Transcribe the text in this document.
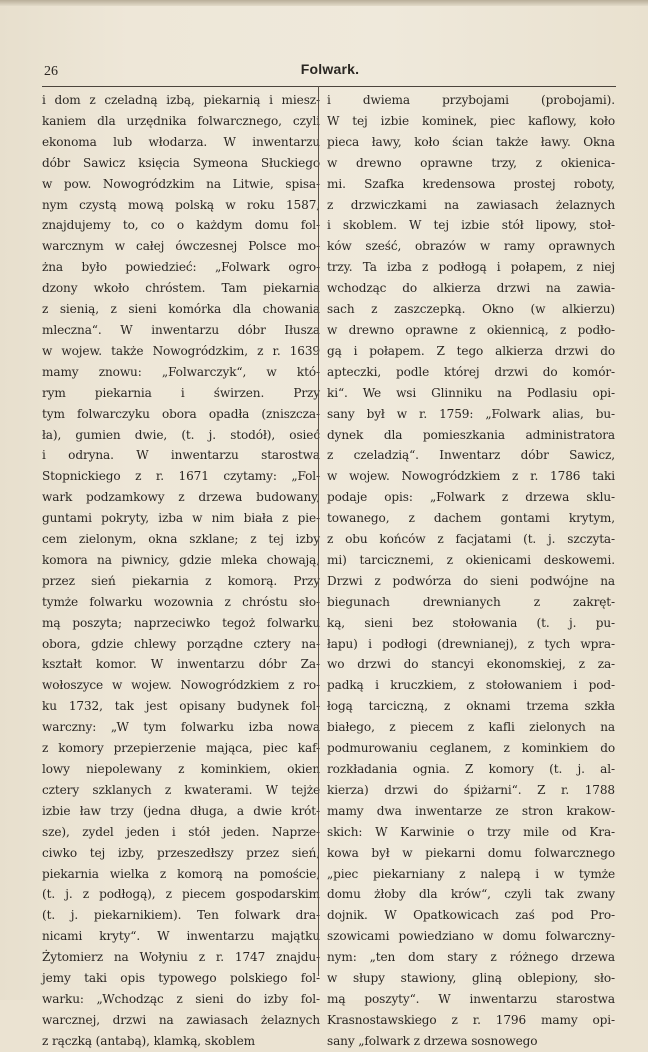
26	Folwark.
i dom z czeladną izbą, piekarnią i miesz-
kaniem dla urzędnika folwarcznego, czyli
ekonoma lub włodarza. W inwentarzu
dóbr Sawicz księcia Symeona Słuckiego
w pow. Nowogródzkim na Litwie, spisa-
nym czystą mową polską w roku 1587,
znajdujemy to, co o każdym domu fol-
warcznym w całej ówczesnej Polsce mo-
żna było powiedzieć: „Folwark ogro-
dzony wkoło chróstem. Tam piekarnia
z sienią, z sieni komórka dla chowania
mleczna“. W inwentarzu dóbr Iłusza
w wojew. także Nowogródzkim, z r. 1639
mamy znowu: „Folwarczyk“, w któ-
rym piekarnia i świrzen. Przy
tym folwarczyku obora opadła (zniszcza-
ła), gumien dwie, (t. j. stodół), osieć
i odryna. W inwentarzu starostwa
Stopnickiego z r. 1671 czytamy: „Fol-
wark podzamkowy z drzewa budowany,
guntami pokryty, izba w nim biała z pie-
cem zielonym, okna szklane; z tej izby
komora na piwnicy, gdzie mleka chowają,
przez sień piekarnia z komorą. Przy
tymże folwarku wozownia z chróstu sło-
mą poszyta; naprzeciwko tegoż folwarku
obora, gdzie chlewy porządne cztery na-
kształt komor. W inwentarzu dóbr Za-
wołoszyce w wojew. Nowogródzkiem z ro-
ku 1732, tak jest opisany budynek fol-
warczny: „W tym folwarku izba nowa
z komory przepierzenie mająca, piec kaf-
lowy niepolewany z kominkiem, okien
cztery szklanych z kwaterami. W tejże
izbie ław trzy (jedna długa, a dwie krót-
sze), zydel jeden i stół jeden. Naprze-
ciwko tej izby, przeszedłszy przez sień,
piekarnia wielka z komorą na pomoście,
(t. j. z podłogą), z piecem gospodarskim
(t. j. piekarnikiem). Ten folwark dra-
nicami kryty“. W inwentarzu majątku
Żytomierz na Wołyniu z r. 1747 znajdu-
jemy taki opis typowego polskiego fol-
warku: „Wchodząc z sieni do izby fol-
warcznej, drzwi na zawiasach żelaznych
z rączką (antabą), klamką, skoblem
i dwiema przybojami (probojami).
W tej izbie kominek, piec kaflowy, koło
pieca ławy, koło ścian także ławy. Okna
w drewno oprawne trzy, z okienica-
mi. Szafka kredensowa prostej roboty,
z drzwiczkami na zawiasach żelaznych
i skoblem. W tej izbie stół lipowy, stoł-
ków sześć, obrazów w ramy oprawnych
trzy. Ta izba z podłogą i połapem, z niej
wchodząc do alkierza drzwi na zawia-
sach z zaszczepką. Okno (w alkierzu)
w drewno oprawne z okiennicą, z podło-
gą i połapem. Z tego alkierza drzwi do
apteczki, podle której drzwi do komór-
ki“. We wsi Glinniku na Podlasiu opi-
sany był w r. 1759: „Folwark alias, bu-
dynek dla pomieszkania administratora
z czeladzią“. Inwentarz dóbr Sawicz,
w wojew. Nowogródzkiem z r. 1786 taki
podaje opis: „Folwark z drzewa sklu-
towanego, z dachem gontami krytym,
z obu końców z facjatami (t. j. szczyta-
mi) tarcicznemi, z okienicami deskowemi.
Drzwi z podwórza do sieni podwójne na
biegunach drewnianych z zakręt-
ką, sieni bez stołowania (t. j. pu-
łapu) i podłogi (drewnianej), z tych wpra-
wo drzwi do stancyi ekonomskiej, z za-
padką i kruczkiem, z stołowaniem i pod-
łogą tarciczną, z oknami trzema szkła
białego, z piecem z kafli zielonych na
podmurowaniu ceglanem, z kominkiem do
rozkładania ognia. Z komory (t. j. al-
kierza) drzwi do śpiżarni“. Z r. 1788
mamy dwa inwentarze ze stron krakow-
skich: W Karwinie o trzy mile od Kra-
kowa był w piekarni domu folwarcznego
„piec piekarniany z nalepą i w tymże
domu żłoby dla krów“, czyli tak zwany
dojnik. W Opatkowicach zaś pod Pro-
szowicami powiedziano w domu folwarczny-
nym: „ten dom stary z różnego drzewa
w słupy stawiony, gliną oblepiony, sło-
mą poszyty“. W inwentarzu starostwa
Krasnostawskiego z r. 1796 mamy opi-
sany „folwark z drzewa sosnowego
